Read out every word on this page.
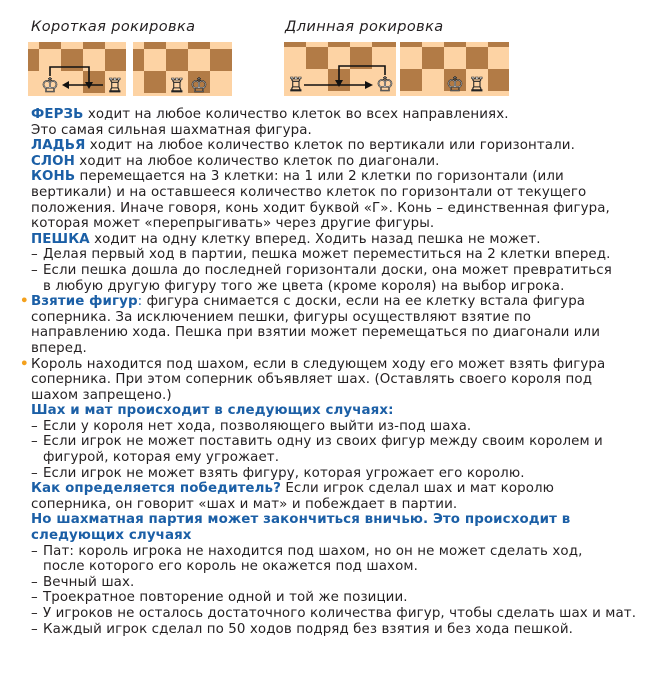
Короткая рокировка	Длинная рокировка
♔	♖ ♖ ♔	♖	♔	♔ ♖
ФЕРЗЬ ходит на любое количество клеток во всех направлениях.
Это самая сильная шахматная фигура.
ЛАДЬЯ ходит на любое количество клеток по вертикали или горизонтали.
СЛОН ходит на любое количество клеток по диагонали.
КОНЬ перемещается на 3 клетки: на 1 или 2 клетки по горизонтали (или
вертикали) и на оставшееся количество клеток по горизонтали от текущего
положения. Иначе говоря, конь ходит буквой «Г». Конь – единственная фигура,
которая может «перепрыгивать» через другие фигуры.
ПЕШКА ходит на одну клетку вперед. Ходить назад пешка не может.
– Делая первый ход в партии, пешка может переместиться на 2 клетки вперед.
– Если пешка дошла до последней горизонтали доски, она может превратиться
в любую другую фигуру того же цвета (кроме короля) на выбор игрока.
• Взятие фигур: фигура снимается с доски, если на ее клетку встала фигура
соперника. За исключением пешки, фигуры осуществляют взятие по
направлению хода. Пешка при взятии может перемещаться по диагонали или
вперед.
• Король находится под шахом, если в следующем ходу его может взять фигура
соперника. При этом соперник объявляет шах. (Оставлять своего короля под
шахом запрещено.)
Шах и мат происходит в следующих случаях:
– Если у короля нет хода, позволяющего выйти из-под шаха.
– Если игрок не может поставить одну из своих фигур между своим королем и
фигурой, которая ему угрожает.
– Если игрок не может взять фигуру, которая угрожает его королю.
Как определяется победитель? Если игрок сделал шах и мат королю
соперника, он говорит «шах и мат» и побеждает в партии.
Но шахматная партия может закончиться вничью. Это происходит в
следующих случаях
– Пат: король игрока не находится под шахом, но он не может сделать ход,
после которого его король не окажется под шахом.
– Вечный шах.
– Троекратное повторение одной и той же позиции.
– У игроков не осталось достаточного количества фигур, чтобы сделать шах и мат.
– Каждый игрок сделал по 50 ходов подряд без взятия и без хода пешкой.
